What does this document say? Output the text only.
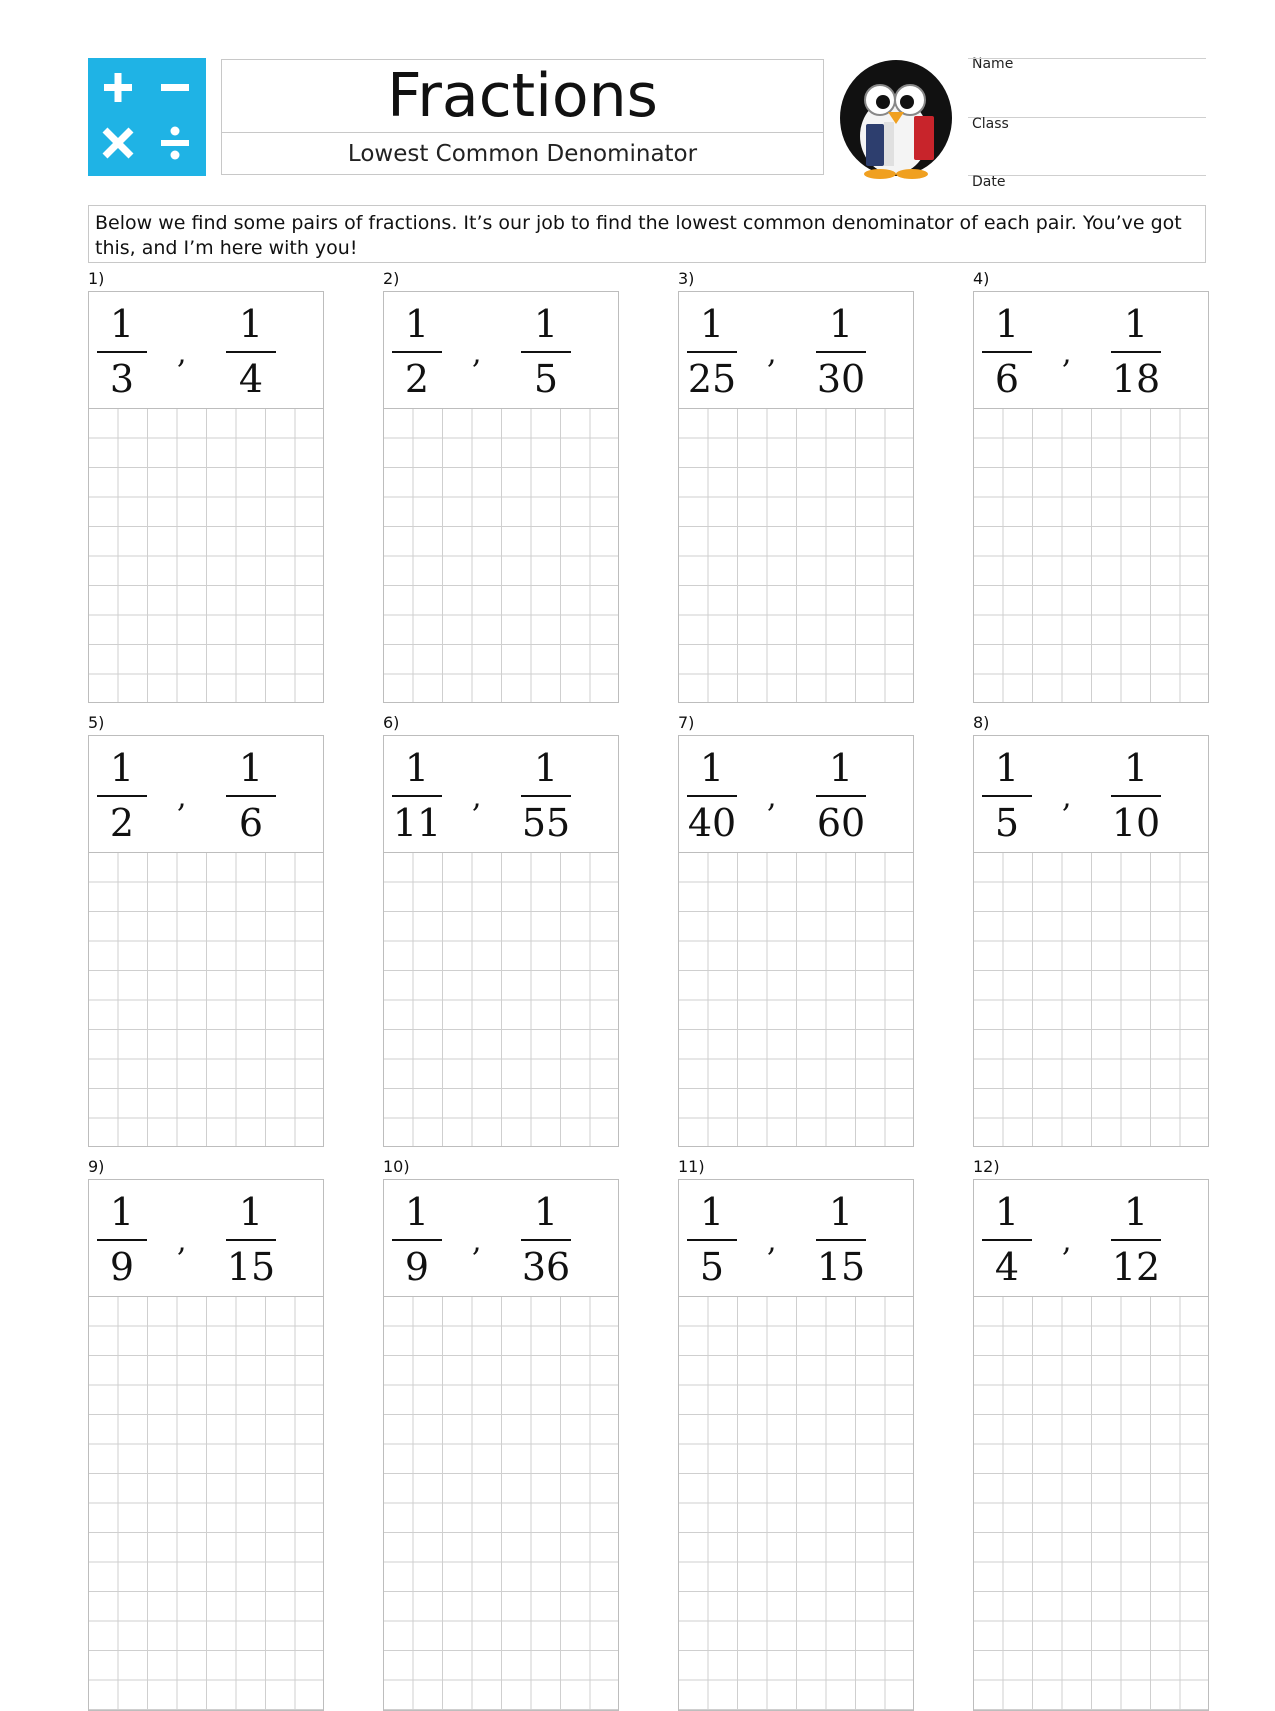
Fractions
Lowest Common Denominator
Name
Class
Date
Below we find some pairs of fractions. It’s our job to find the lowest common denominator of each pair. You’ve got this, and I’m here with you!
1)
1
3
,
1
4
2)
1
2
,
1
5
3)
1
25
,
1
30
4)
1
6
,
1
18
5)
1
2
,
1
6
6)
1
11
,
1
55
7)
1
40
,
1
60
8)
1
5
,
1
10
9)
1
9
,
1
15
10)
1
9
,
1
36
11)
1
5
,
1
15
12)
1
4
,
1
12
